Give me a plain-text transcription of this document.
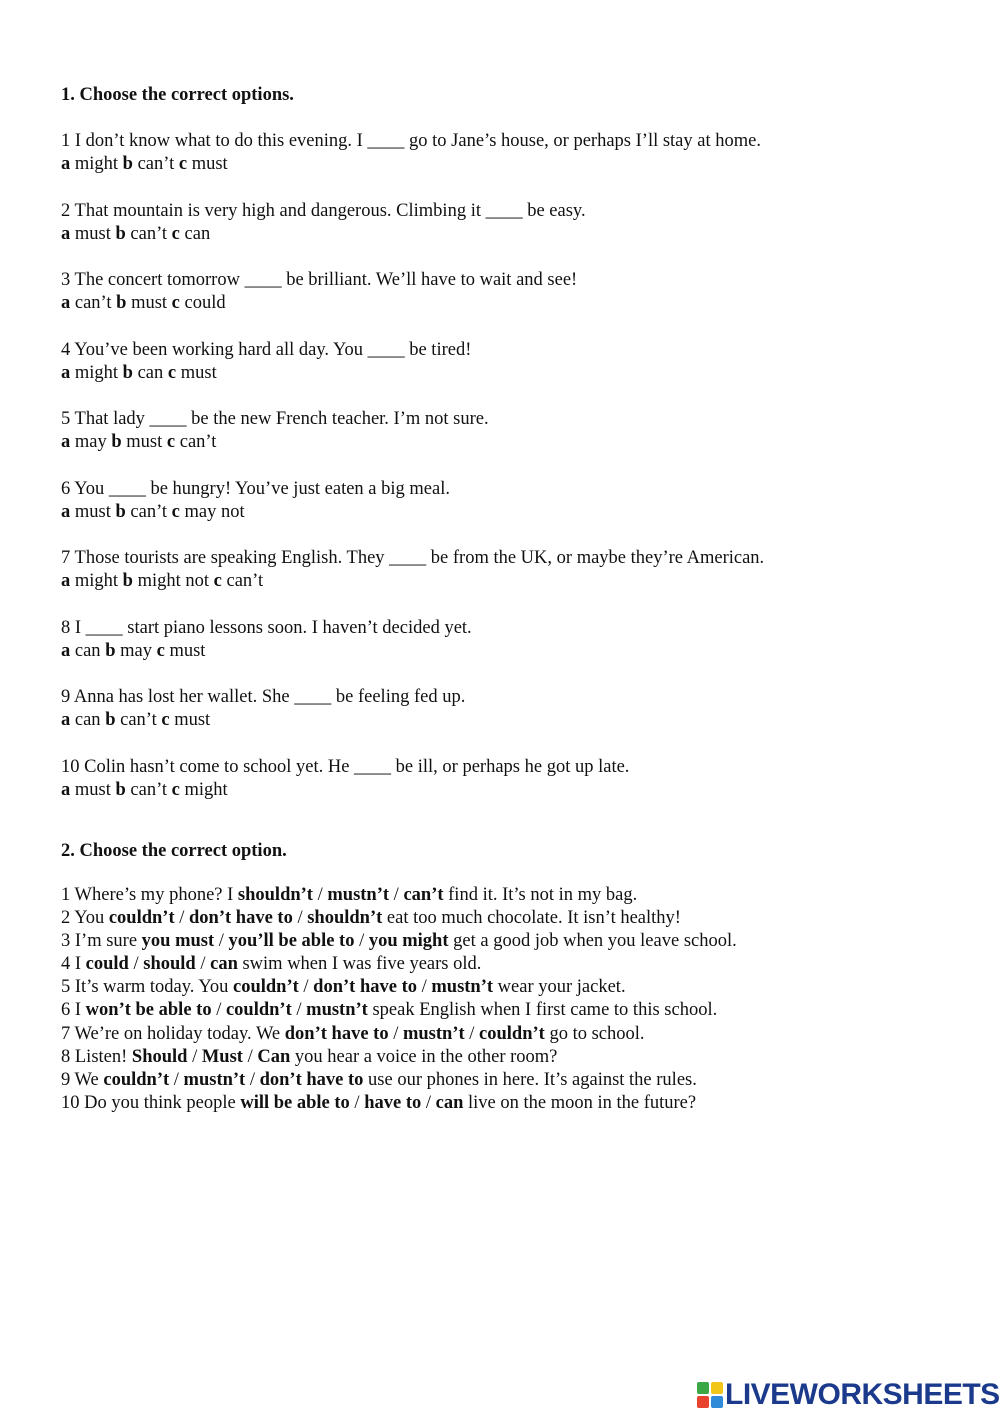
1. Choose the correct options.

1 I don’t know what to do this evening. I ____ go to Jane’s house, or perhaps I’ll stay at home.
a might b can’t c must
2 That mountain is very high and dangerous. Climbing it ____ be easy.
a must b can’t c can
3 The concert tomorrow ____ be brilliant. We’ll have to wait and see!
a can’t b must c could
4 You’ve been working hard all day. You ____ be tired!
a might b can c must
5 That lady ____ be the new French teacher. I’m not sure.
a may b must c can’t
6 You ____ be hungry! You’ve just eaten a big meal.
a must b can’t c may not
7 Those tourists are speaking English. They ____ be from the UK, or maybe they’re American.
a might b might not c can’t
8 I ____ start piano lessons soon. I haven’t decided yet.
a can b may c must
9 Anna has lost her wallet. She ____ be feeling fed up.
a can b can’t c must
10 Colin hasn’t come to school yet. He ____ be ill, or perhaps he got up late.
a must b can’t c might

2. Choose the correct option.

1 Where’s my phone? I shouldn’t / mustn’t / can’t find it. It’s not in my bag.
2 You couldn’t / don’t have to / shouldn’t eat too much chocolate. It isn’t healthy!
3 I’m sure you must / you’ll be able to / you might get a good job when you leave school.
4 I could / should / can swim when I was five years old.
5 It’s warm today. You couldn’t / don’t have to / mustn’t wear your jacket.
6 I won’t be able to / couldn’t / mustn’t speak English when I first came to this school.
7 We’re on holiday today. We don’t have to / mustn’t / couldn’t go to school.
8 Listen! Should / Must / Can you hear a voice in the other room?
9 We couldn’t / mustn’t / don’t have to use our phones in here. It’s against the rules.
10 Do you think people will be able to / have to / can live on the moon in the future?
LIVEWORKSHEETS
